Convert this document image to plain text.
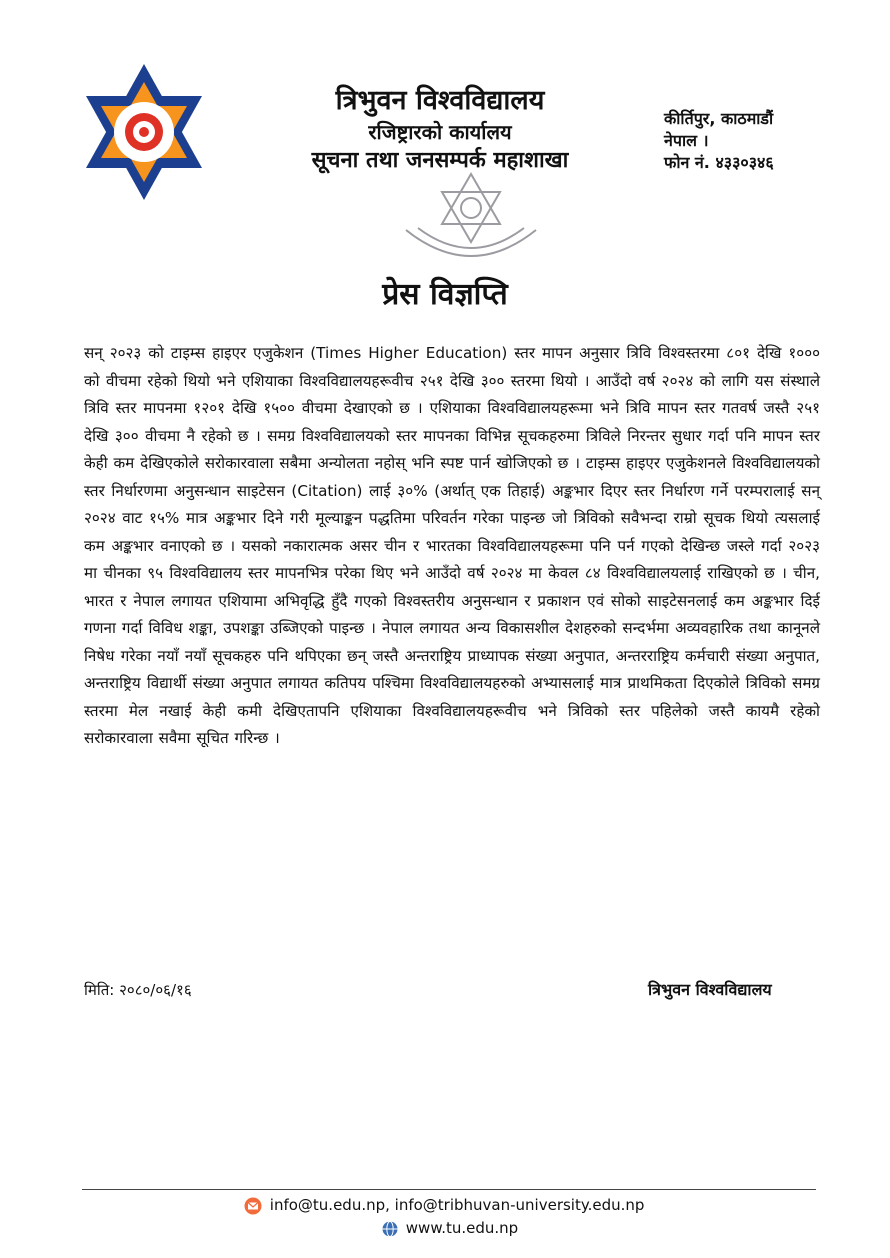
त्रिभुवन विश्वविद्यालय
रजिष्ट्रारको कार्यालय
सूचना तथा जनसम्पर्क महाशाखा
कीर्तिपुर, काठमाडौं
नेपाल ।
फोन नं. ४३३०३४६
प्रेस विज्ञप्ति
सन् २०२३ को टाइम्स हाइएर एजुकेशन (Times Higher Education) स्तर मापन अनुसार त्रिवि विश्वस्तरमा ८०१ देखि १००० को वीचमा रहेको थियो भने एशियाका विश्वविद्यालयहरूवीच २५१ देखि ३०० स्तरमा थियो । आउँदो वर्ष २०२४ को लागि यस संस्थाले त्रिवि स्तर मापनमा १२०१ देखि १५०० वीचमा देखाएको छ । एशियाका विश्वविद्यालयहरूमा भने त्रिवि मापन स्तर गतवर्ष जस्तै २५१ देखि ३०० वीचमा नै रहेको छ । समग्र विश्वविद्यालयको स्तर मापनका विभिन्न सूचकहरुमा त्रिविले निरन्तर सुधार गर्दा पनि मापन स्तर केही कम देखिएकोले सरोकारवाला सबैमा अन्योलता नहोस् भनि स्पष्ट पार्न खोजिएको छ । टाइम्स हाइएर एजुकेशनले विश्वविद्यालयको स्तर निर्धारणमा अनुसन्धान साइटेसन (Citation) लाई ३०% (अर्थात् एक तिहाई) अङ्कभार दिएर स्तर निर्धारण गर्ने परम्परालाई सन् २०२४ वाट १५% मात्र अङ्कभार दिने गरी मूल्याङ्कन पद्धतिमा परिवर्तन गरेका पाइन्छ जो त्रिविको सवैभन्दा राम्रो सूचक थियो त्यसलाई कम अङ्कभार वनाएको छ । यसको नकारात्मक असर चीन र भारतका विश्वविद्यालयहरूमा पनि पर्न गएको देखिन्छ जस्ले गर्दा २०२३ मा चीनका ९५ विश्वविद्यालय स्तर मापनभित्र परेका थिए भने आउँदो वर्ष २०२४ मा केवल ८४ विश्वविद्यालयलाई राखिएको छ । चीन, भारत र नेपाल लगायत एशियामा अभिवृद्धि हुँदै गएको विश्वस्तरीय अनुसन्धान र प्रकाशन एवं सोको साइटेसनलाई कम अङ्कभार दिई गणना गर्दा विविध शङ्का, उपशङ्का उब्जिएको पाइन्छ । नेपाल लगायत अन्य विकासशील देशहरुको सन्दर्भमा अव्यवहारिक तथा कानूनले निषेध गरेका नयाँ नयाँ सूचकहरु पनि थपिएका छन् जस्तै अन्तराष्ट्रिय प्राध्यापक संख्या अनुपात, अन्तरराष्ट्रिय कर्मचारी संख्या अनुपात, अन्तराष्ट्रिय विद्यार्थी संख्या अनुपात लगायत कतिपय पश्चिमा विश्वविद्यालयहरुको अभ्यासलाई मात्र प्राथमिकता दिएकोले त्रिविको समग्र स्तरमा मेल नखाई केही कमी देखिएतापनि एशियाका विश्वविद्यालयहरूवीच भने त्रिविको स्तर पहिलेको जस्तै कायमै रहेको सरोकारवाला सवैमा सूचित गरिन्छ ।
मिति: २०८०/०६/१६	त्रिभुवन विश्वविद्यालय
info@tu.edu.np, info@tribhuvan-university.edu.np
www.tu.edu.np
